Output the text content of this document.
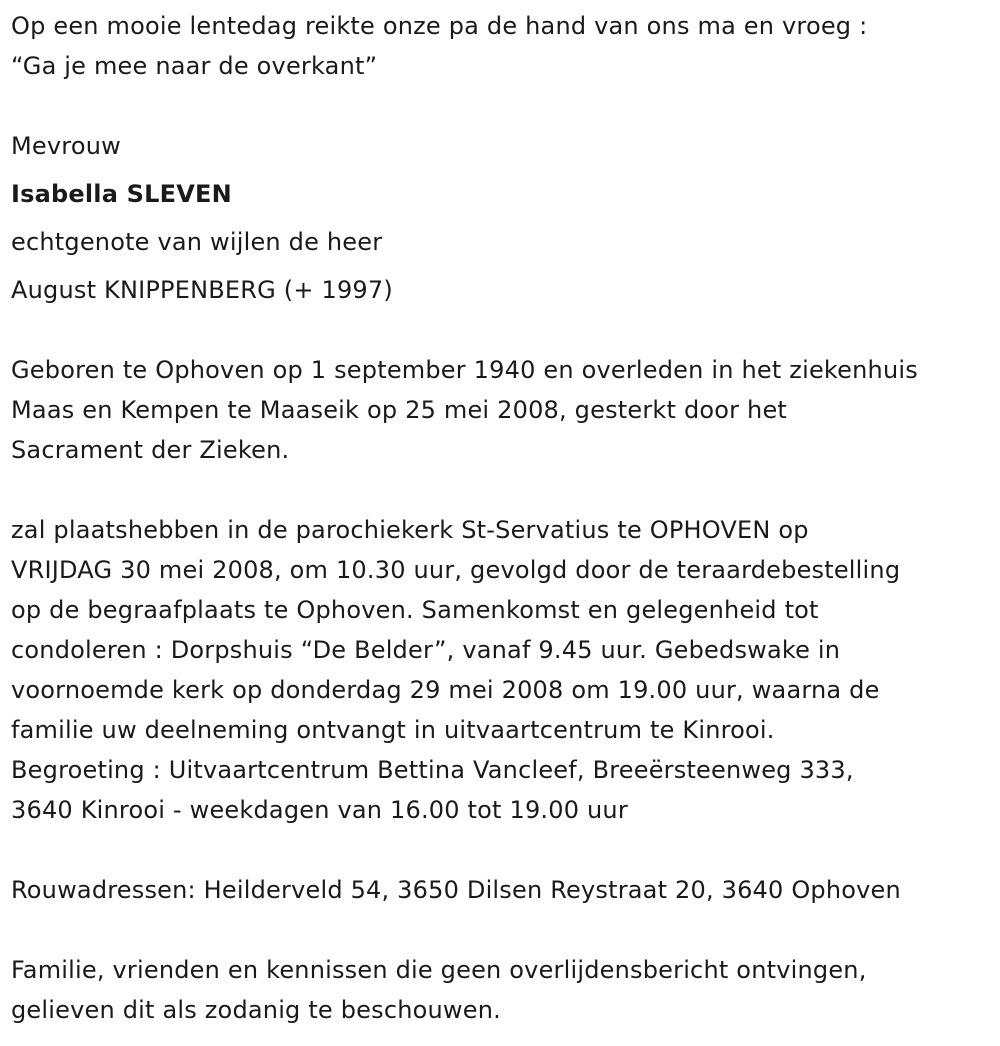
Op een mooie lentedag reikte onze pa de hand van ons ma en vroeg :
“Ga je mee naar de overkant”
Mevrouw
Isabella SLEVEN
echtgenote van wijlen de heer
August KNIPPENBERG (+ 1997)
Geboren te Ophoven op 1 september 1940 en overleden in het ziekenhuis
Maas en Kempen te Maaseik op 25 mei 2008, gesterkt door het
Sacrament der Zieken.
zal plaatshebben in de parochiekerk St-Servatius te OPHOVEN op
VRIJDAG 30 mei 2008, om 10.30 uur, gevolgd door de teraardebestelling
op de begraafplaats te Ophoven. Samenkomst en gelegenheid tot
condoleren : Dorpshuis “De Belder”, vanaf 9.45 uur. Gebedswake in
voornoemde kerk op donderdag 29 mei 2008 om 19.00 uur, waarna de
familie uw deelneming ontvangt in uitvaartcentrum te Kinrooi.
Begroeting : Uitvaartcentrum Bettina Vancleef, Breeërsteenweg 333,
3640 Kinrooi - weekdagen van 16.00 tot 19.00 uur
Rouwadressen: Heilderveld 54, 3650 Dilsen Reystraat 20, 3640 Ophoven
Familie, vrienden en kennissen die geen overlijdensbericht ontvingen,
gelieven dit als zodanig te beschouwen.
